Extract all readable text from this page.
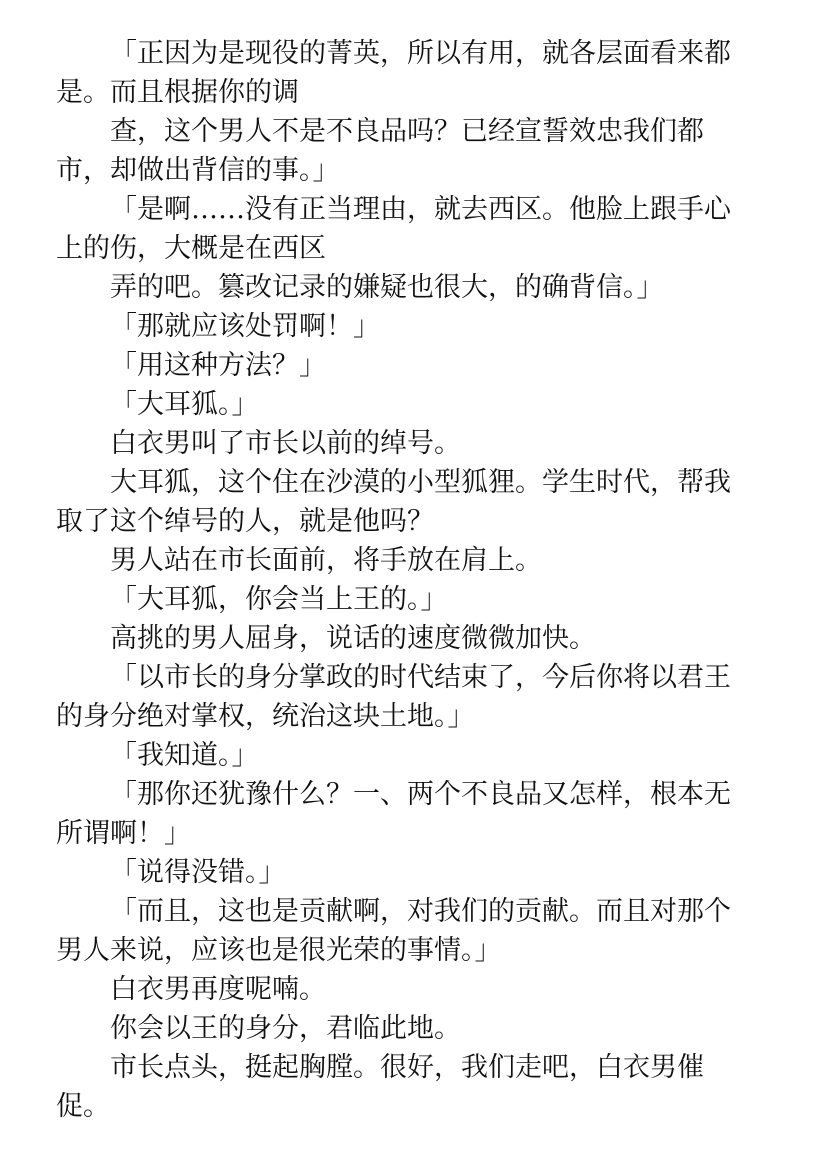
「正因为是现役的菁英，所以有用，就各层面看来都是。而且根据你的调

查，这个男人不是不良品吗？已经宣誓效忠我们都市，却做出背信的事。」

「是啊……没有正当理由，就去西区。他脸上跟手心上的伤，大概是在西区

弄的吧。篡改记录的嫌疑也很大，的确背信。」

「那就应该处罚啊！」

「用这种方法？」

「大耳狐。」

白衣男叫了市长以前的绰号。

大耳狐，这个住在沙漠的小型狐狸。学生时代，帮我取了这个绰号的人，就是他吗？

男人站在市长面前，将手放在肩上。

「大耳狐，你会当上王的。」

高挑的男人屈身，说话的速度微微加快。

「以市长的身分掌政的时代结束了，今后你将以君王的身分绝对掌权，统治这块土地。」

「我知道。」

「那你还犹豫什么？一、两个不良品又怎样，根本无所谓啊！」

「说得没错。」

「而且，这也是贡献啊，对我们的贡献。而且对那个男人来说，应该也是很光荣的事情。」

白衣男再度呢喃。

你会以王的身分，君临此地。

市长点头，挺起胸膛。很好，我们走吧，白衣男催促。
